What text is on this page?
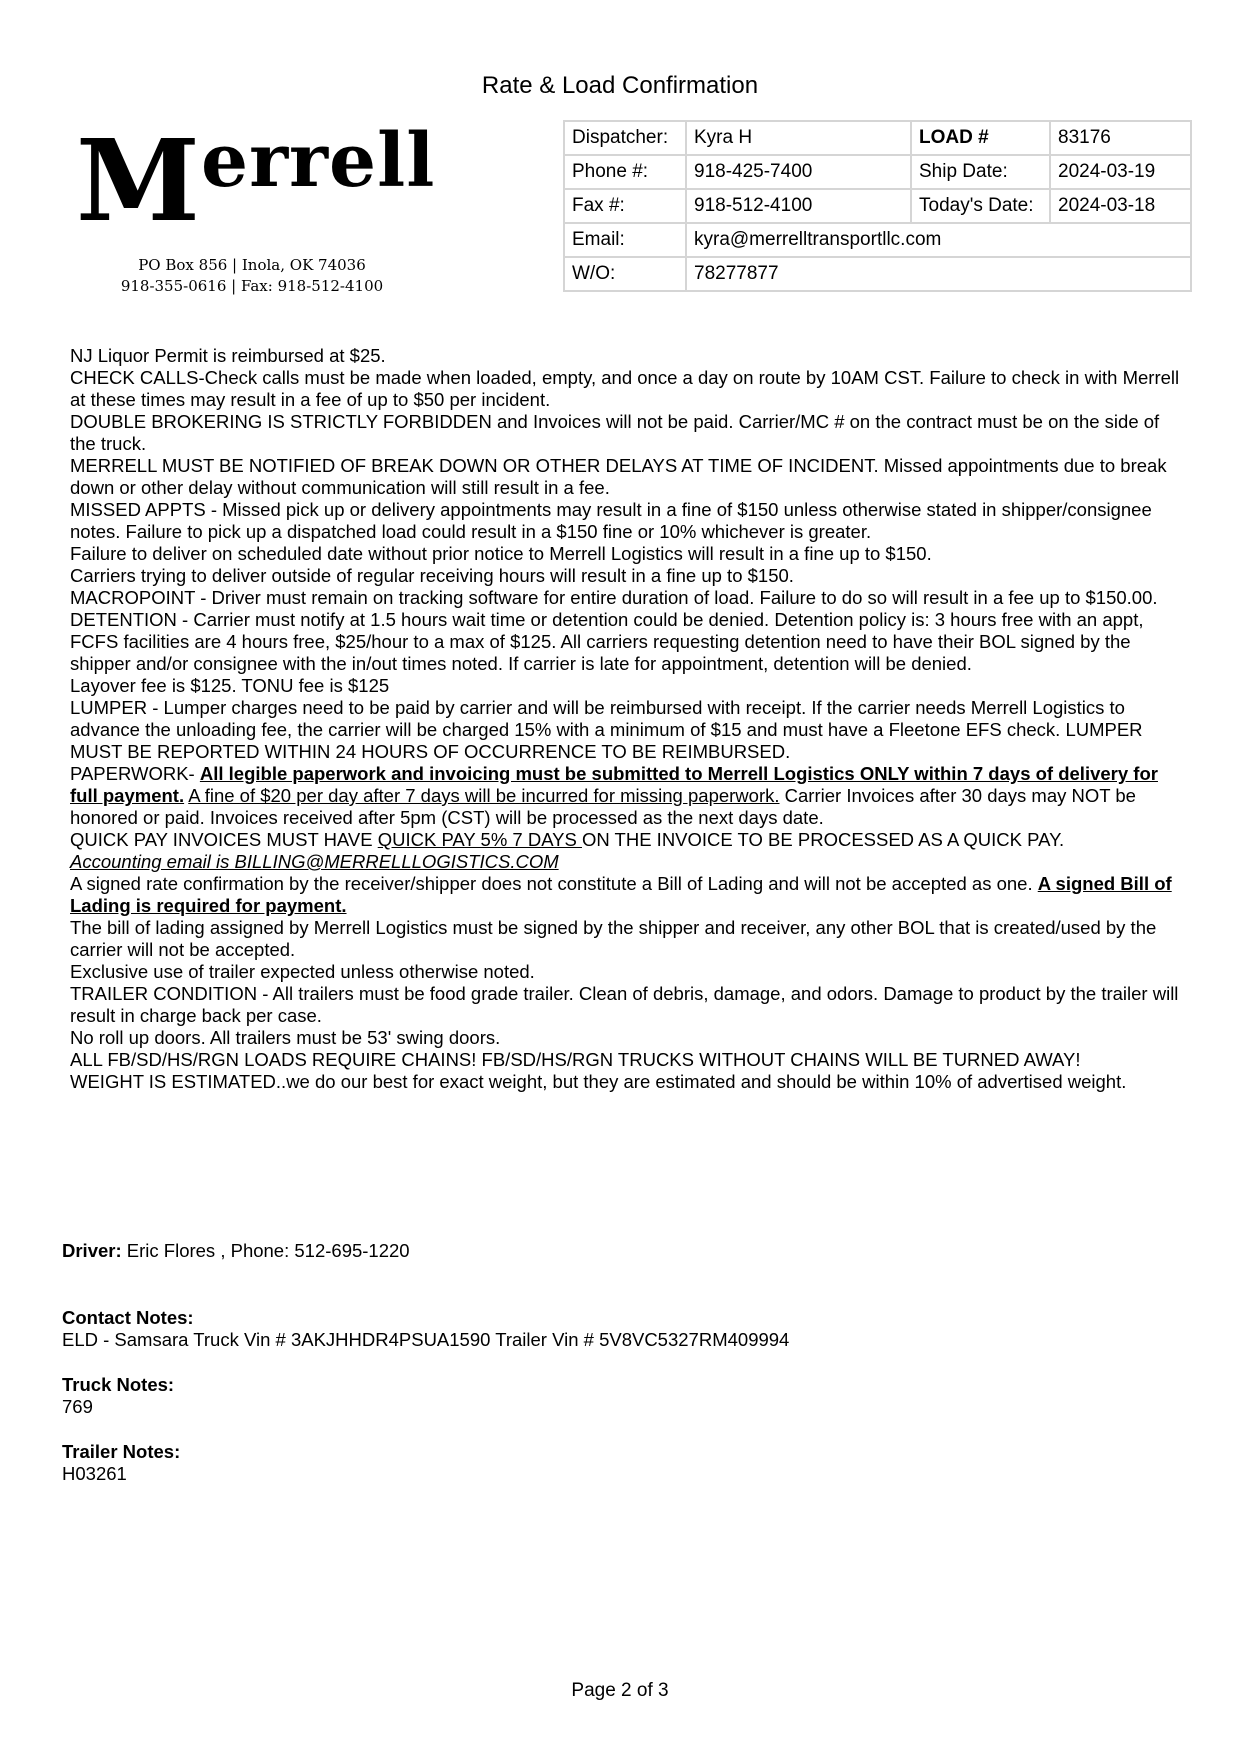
Rate & Load Confirmation
Merrell
PO Box 856 | Inola, OK 74036
918-355-0616 | Fax: 918-512-4100
Dispatcher:	Kyra H	LOAD #	83176
Phone #:	918-425-7400	Ship Date:	2024-03-19
Fax #:	918-512-4100	Today's Date:	2024-03-18
Email:	kyra@merrelltransportllc.com		
W/O:	78277877		

NJ Liquor Permit is reimbursed at $25.

CHECK CALLS-Check calls must be made when loaded, empty, and once a day on route by 10AM CST. Failure to check in with Merrell at these times may result in a fee of up to $50 per incident.

DOUBLE BROKERING IS STRICTLY FORBIDDEN and Invoices will not be paid. Carrier/MC # on the contract must be on the side of the truck.

MERRELL MUST BE NOTIFIED OF BREAK DOWN OR OTHER DELAYS AT TIME OF INCIDENT. Missed appointments due to break down or other delay without communication will still result in a fee.

MISSED APPTS - Missed pick up or delivery appointments may result in a fine of $150 unless otherwise stated in shipper/consignee notes. Failure to pick up a dispatched load could result in a $150 fine or 10% whichever is greater.

Failure to deliver on scheduled date without prior notice to Merrell Logistics will result in a fine up to $150.

Carriers trying to deliver outside of regular receiving hours will result in a fine up to $150.

MACROPOINT - Driver must remain on tracking software for entire duration of load. Failure to do so will result in a fee up to $150.00.

DETENTION - Carrier must notify at 1.5 hours wait time or detention could be denied. Detention policy is: 3 hours free with an appt, FCFS facilities are 4 hours free, $25/hour to a max of $125. All carriers requesting detention need to have their BOL signed by the shipper and/or consignee with the in/out times noted. If carrier is late for appointment, detention will be denied.

Layover fee is $125. TONU fee is $125

LUMPER - Lumper charges need to be paid by carrier and will be reimbursed with receipt. If the carrier needs Merrell Logistics to advance the unloading fee, the carrier will be charged 15% with a minimum of $15 and must have a Fleetone EFS check. LUMPER MUST BE REPORTED WITHIN 24 HOURS OF OCCURRENCE TO BE REIMBURSED.

PAPERWORK- All legible paperwork and invoicing must be submitted to Merrell Logistics ONLY within 7 days of delivery for full payment. A fine of $20 per day after 7 days will be incurred for missing paperwork. Carrier Invoices after 30 days may NOT be honored or paid. Invoices received after 5pm (CST) will be processed as the next days date.

QUICK PAY INVOICES MUST HAVE QUICK PAY 5% 7 DAYS ON THE INVOICE TO BE PROCESSED AS A QUICK PAY.

Accounting email is BILLING@MERRELLLOGISTICS.COM

A signed rate confirmation by the receiver/shipper does not constitute a Bill of Lading and will not be accepted as one. A signed Bill of Lading is required for payment.

The bill of lading assigned by Merrell Logistics must be signed by the shipper and receiver, any other BOL that is created/used by the carrier will not be accepted.

Exclusive use of trailer expected unless otherwise noted.

TRAILER CONDITION - All trailers must be food grade trailer. Clean of debris, damage, and odors. Damage to product by the trailer will result in charge back per case.

No roll up doors. All trailers must be 53' swing doors.

ALL FB/SD/HS/RGN LOADS REQUIRE CHAINS! FB/SD/HS/RGN TRUCKS WITHOUT CHAINS WILL BE TURNED AWAY!

WEIGHT IS ESTIMATED..we do our best for exact weight, but they are estimated and should be within 10% of advertised weight.

Driver: Eric Flores , Phone: 512-695-1220
Contact Notes:
ELD - Samsara Truck Vin # 3AKJHHDR4PSUA1590 Trailer Vin # 5V8VC5327RM409994
Truck Notes:
769
Trailer Notes:
H03261
Page 2 of 3
